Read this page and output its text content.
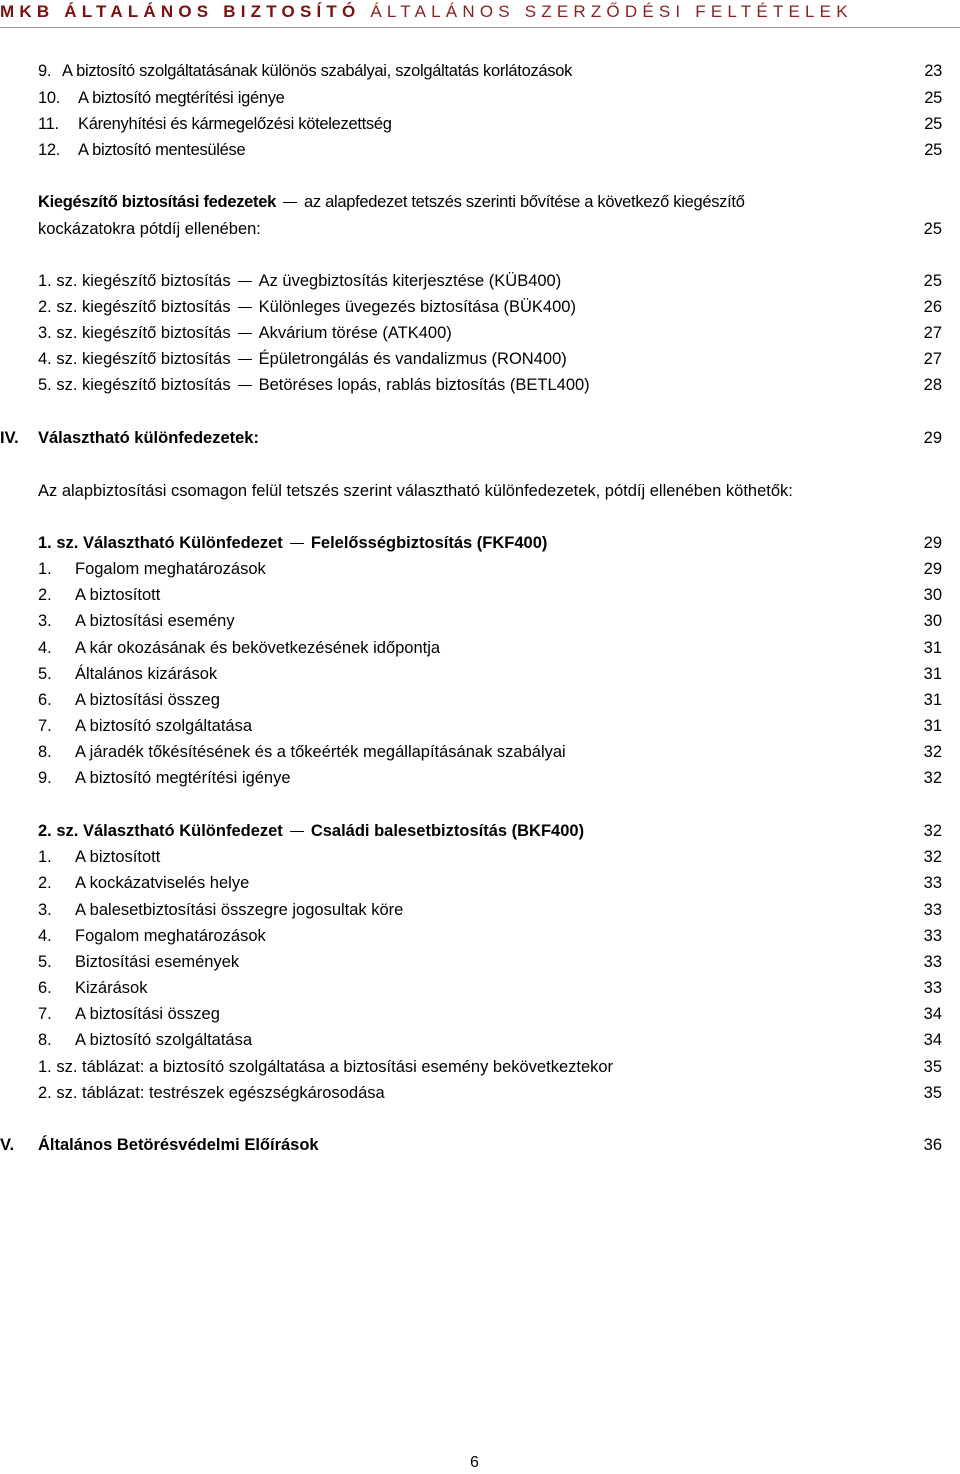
MKB ÁLTALÁNOS BIZTOSÍTÓ ÁLTALÁNOS SZERZŐDÉSI FELTÉTELEK
9. A biztosító szolgáltatásának különös szabályai, szolgáltatás korlátozások	23
10. A biztosító megtérítési igénye	25
11. Kárenyhítési és kármegelőzési kötelezettség	25
12. A biztosító mentesülése	25
Kiegészítő biztosítási fedezetek az alapfedezet tetszés szerinti bővítése a következő kiegészítő
kockázatokra pótdíj ellenében:	25
1. sz. kiegészítő biztosítás Az üvegbiztosítás kiterjesztése (KÜB400)	25
2. sz. kiegészítő biztosítás Különleges üvegezés biztosítása (BÜK400)	26
3. sz. kiegészítő biztosítás Akvárium törése (ATK400)	27
4. sz. kiegészítő biztosítás Épületrongálás és vandalizmus (RON400)	27
5. sz. kiegészítő biztosítás Betöréses lopás, rablás biztosítás (BETL400)	28
IV. Választható különfedezetek:	29
Az alapbiztosítási csomagon felül tetszés szerint választható különfedezetek, pótdíj ellenében köthetők:
1. sz. Választható Különfedezet Felelősségbiztosítás (FKF400)	29
1. Fogalom meghatározások	29
2. A biztosított	30
3. A biztosítási esemény	30
4. A kár okozásának és bekövetkezésének időpontja	31
5. Általános kizárások	31
6. A biztosítási összeg	31
7. A biztosító szolgáltatása	31
8. A járadék tőkésítésének és a tőkeérték megállapításának szabályai	32
9. A biztosító megtérítési igénye	32
2. sz. Választható Különfedezet Családi balesetbiztosítás (BKF400)	32
1. A biztosított	32
2. A kockázatviselés helye	33
3. A balesetbiztosítási összegre jogosultak köre	33
4. Fogalom meghatározások	33
5. Biztosítási események	33
6. Kizárások	33
7. A biztosítási összeg	34
8. A biztosító szolgáltatása	34
1. sz. táblázat: a biztosító szolgáltatása a biztosítási esemény bekövetkeztekor	35
2. sz. táblázat: testrészek egészségkárosodása	35
V. Általános Betörésvédelmi Előírások	36
6
